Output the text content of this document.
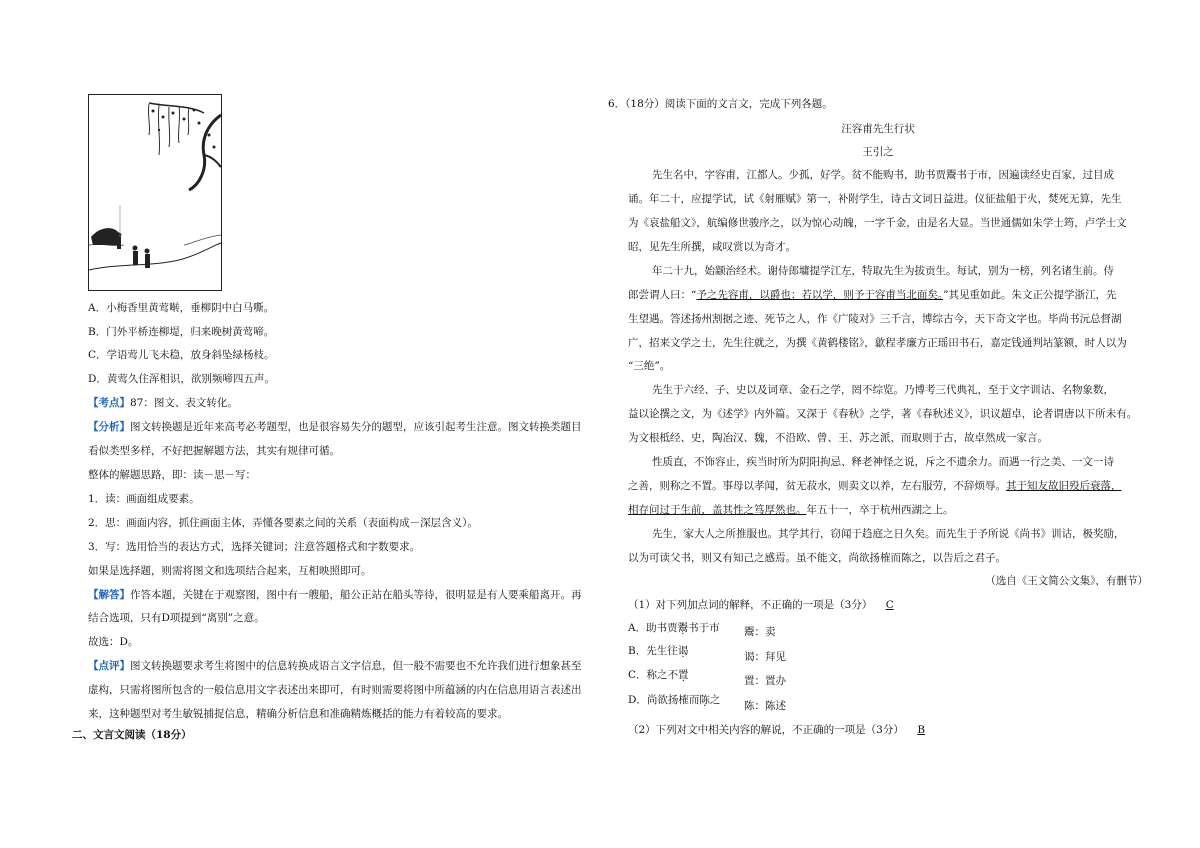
A．小梅香里黄莺啭，垂柳阴中白马嘶。
B．门外平桥连柳堤，归来晚树黄莺啼。
C．学语莺儿飞未稳，放身斜坠绿杨枝。
D．黄莺久住浑相识，欲别频啼四五声。
【考点】87：图文、表文转化。
【分析】图文转换题是近年来高考必考题型，也是很容易失分的题型，应该引起考生注意。图文转换类题目
看似类型多样，不好把握解题方法，其实有规律可循。
整体的解题思路，即：读－思－写：
1．读：画面组成要素。
2．思：画面内容，抓住画面主体，弄懂各要素之间的关系（表面构成－深层含义）。
3．写：选用恰当的表达方式，选择关键词；注意答题格式和字数要求。
如果是选择题，则需将图文和选项结合起来，互相映照即可。
【解答】作答本题，关键在于观察图，图中有一艘船，船公正站在船头等待，很明显是有人要乘船离开。再
结合选项，只有D项提到“离别”之意。
故选：D。
【点评】图文转换题要求考生将图中的信息转换成语言文字信息，但一般不需要也不允许我们进行想象甚至
虚构，只需将图所包含的一般信息用文字表述出来即可，有时则需要将图中所蕴涵的内在信息用语言表述出
来，这种题型对考生敏锐捕捉信息，精确分析信息和准确精炼概括的能力有着较高的要求。
二、文言文阅读（18分）
6．（18分）阅读下面的文言文，完成下列各题。
汪容甫先生行状
王引之
先生名中，字容甫，江都人。少孤，好学。贫不能购书，助书贾鬻书于市，因遍读经史百家，过目成
诵。年二十，应提学试，试《射雁赋》第一，补附学生，诗古文词日益进。仪征盐船于火，焚死无算，先生
为《哀盐船文》，航编修世骏序之，以为惊心动魄，一字千金，由是名大显。当世通儒如朱学士筠，卢学士文
昭，见先生所撰，咸叹赏以为奇才。
年二十九，始颛治经术。谢侍郎墉提学江左，特取先生为拔贡生。每试，别为一榜，列名诸生前。侍
郎尝谓人曰：“予之先容甫，以爵也；若以学，则予于容甫当北面矣。”其见重如此。朱文正公提学浙江，先
生望遇。答述扬州割据之迹、死节之人，作《广陵对》三千言，博综古今，天下奇文字也。毕尚书沅总督湖
广，招来文学之士，先生往就之，为撰《黄鹤楼铭》，歙程孝廉方正瑶田书石，嘉定钱通判坫篆额，时人以为
“三绝”。
先生于六经、子、史以及词章、金石之学，罔不综览。乃博考三代典礼，至于文字训诂、名物象数，
益以论撰之文，为《述学》内外篇。又深于《春秋》之学，著《春秋述义》，识议超卓，论者谓唐以下所未有。
为文根柢经、史，陶冶汉、魏，不沿欧、曾、王、苏之派，而取则于古，故卓然成一家言。
性质直，不饰容止，疾当时所为阴阳拘忌、释老神怪之说，斥之不遗余力。而遇一行之美、一文一诗
之善，则称之不置。事母以孝闻，贫无菽水，则卖文以养，左右服劳，不辞烦辱。其于知友故旧殁后衰落，
相存问过于生前，盖其性之笃厚然也。年五十一，卒于杭州西湖之上。
先生，家大人之所推服也。其学其行，窃闻于趋庭之日久矣。而先生于予所说《尚书》训诂，极奖励，
以为可读父书，则又有知己之感焉。虽不能文，尚欲扬榷而陈之，以告后之君子。
（选自《王文简公文集》，有删节）
（1）对下列加点词的解释，不正确的一项是（3分） C
A．助书贾鬻书于市 鬻：卖
B．先生往谒	谒：拜见
C．称之不置	置：置办
D．尚欲扬榷而陈之 陈：陈述
（2）下列对文中相关内容的解说，不正确的一项是（3分） B
